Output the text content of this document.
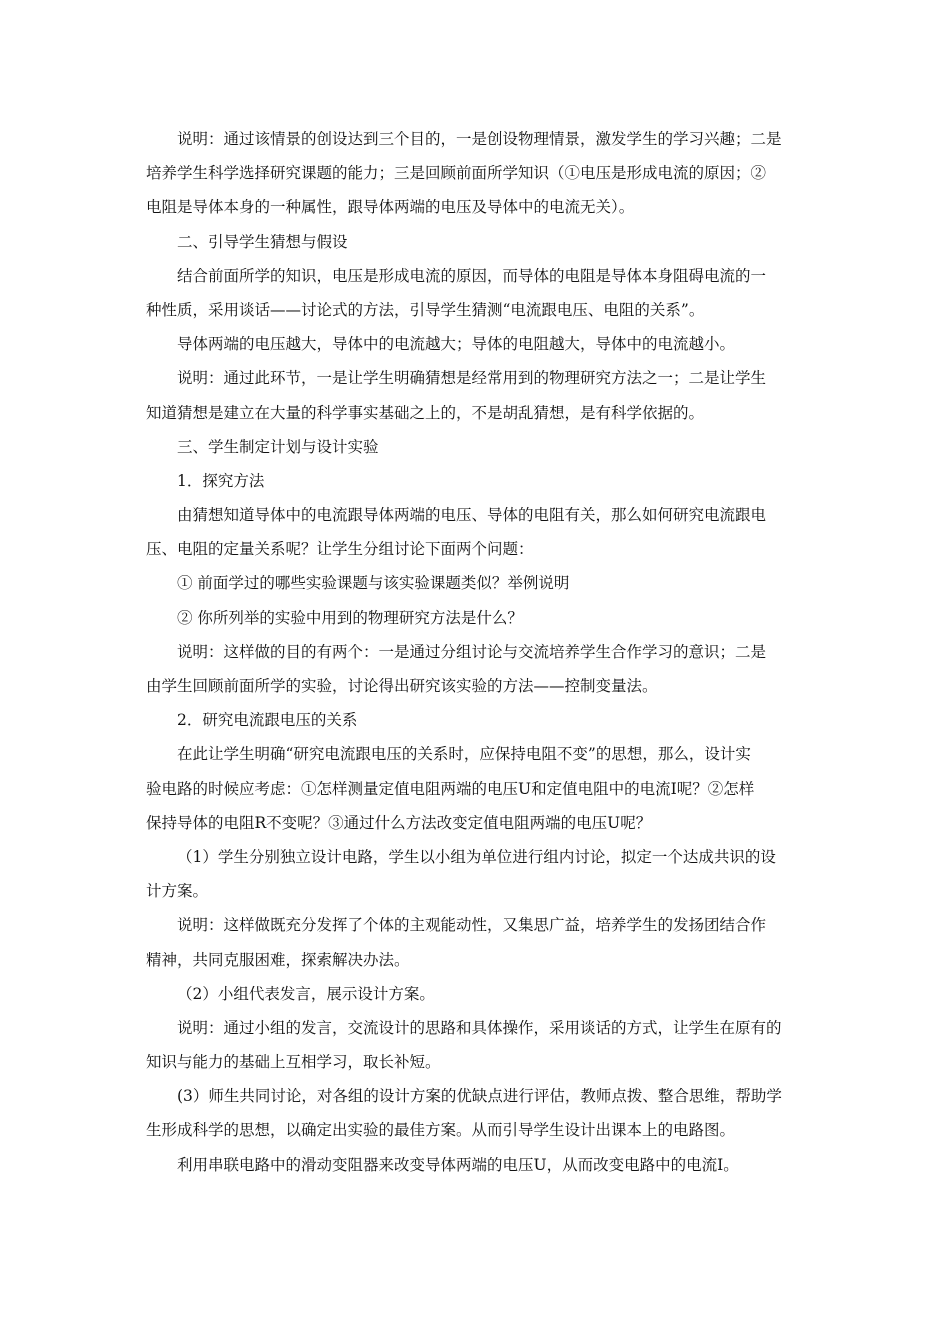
说明：通过该情景的创设达到三个目的，一是创设物理情景，激发学生的学习兴趣；二是
培养学生科学选择研究课题的能力；三是回顾前面所学知识（①电压是形成电流的原因；②
电阻是导体本身的一种属性，跟导体两端的电压及导体中的电流无关）。
二、引导学生猜想与假设
结合前面所学的知识，电压是形成电流的原因，而导体的电阻是导体本身阻碍电流的一
种性质，采用谈话——讨论式的方法，引导学生猜测“电流跟电压、电阻的关系”。
导体两端的电压越大，导体中的电流越大；导体的电阻越大，导体中的电流越小。
说明：通过此环节，一是让学生明确猜想是经常用到的物理研究方法之一；二是让学生
知道猜想是建立在大量的科学事实基础之上的，不是胡乱猜想，是有科学依据的。
三、学生制定计划与设计实验
1．探究方法
由猜想知道导体中的电流跟导体两端的电压、导体的电阻有关，那么如何研究电流跟电
压、电阻的定量关系呢？让学生分组讨论下面两个问题：
① 前面学过的哪些实验课题与该实验课题类似？举例说明
② 你所列举的实验中用到的物理研究方法是什么？
说明：这样做的目的有两个：一是通过分组讨论与交流培养学生合作学习的意识；二是
由学生回顾前面所学的实验，讨论得出研究该实验的方法——控制变量法。
2．研究电流跟电压的关系
在此让学生明确“研究电流跟电压的关系时，应保持电阻不变”的思想，那么，设计实
验电路的时候应考虑：①怎样测量定值电阻两端的电压U和定值电阻中的电流I呢？②怎样
保持导体的电阻R不变呢？③通过什么方法改变定值电阻两端的电压U呢？
（1）学生分别独立设计电路，学生以小组为单位进行组内讨论，拟定一个达成共识的设
计方案。
说明：这样做既充分发挥了个体的主观能动性，又集思广益，培养学生的发扬团结合作
精神，共同克服困难，探索解决办法。
（2）小组代表发言，展示设计方案。
说明：通过小组的发言，交流设计的思路和具体操作，采用谈话的方式，让学生在原有的
知识与能力的基础上互相学习，取长补短。
(3）师生共同讨论，对各组的设计方案的优缺点进行评估，教师点拨、整合思维，帮助学
生形成科学的思想，以确定出实验的最佳方案。从而引导学生设计出课本上的电路图。
利用串联电路中的滑动变阻器来改变导体两端的电压U，从而改变电路中的电流I。
